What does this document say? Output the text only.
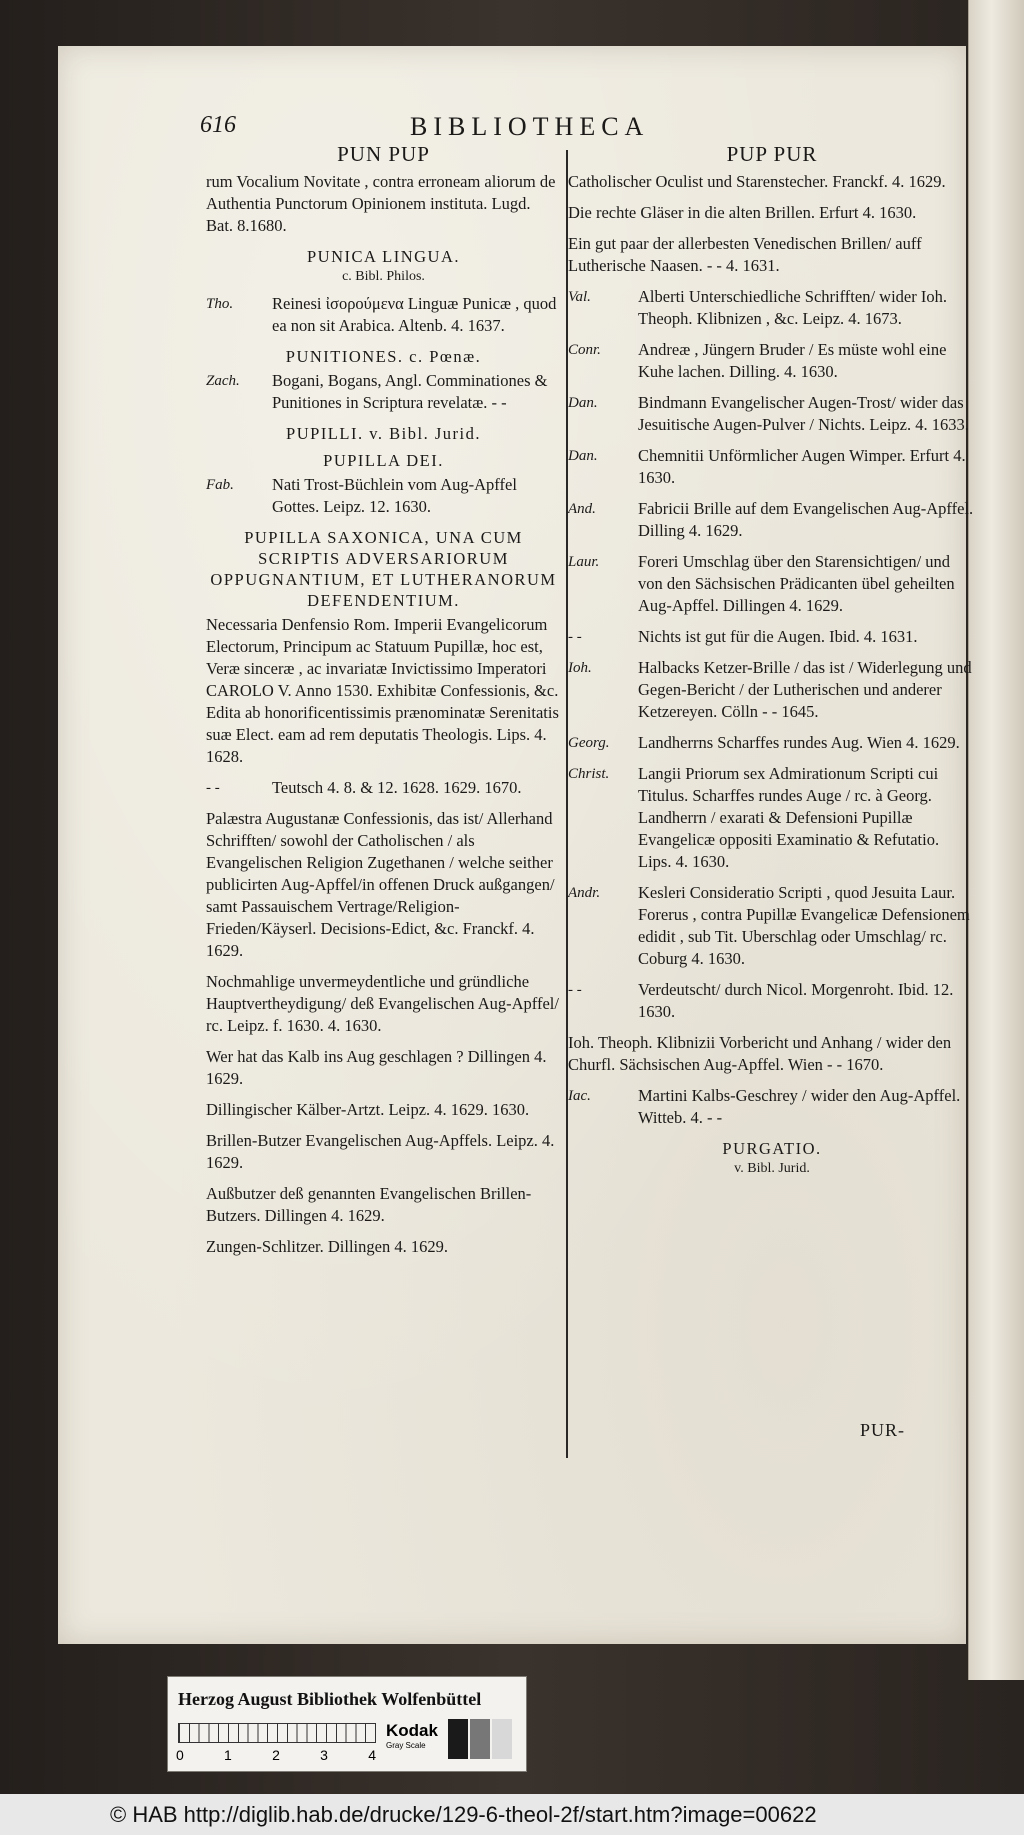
616	BIBLIOTHECA
PUN PUP
rum Vocalium Novitate , contra erroneam aliorum de Authentia Punctorum Opinionem instituta. Lugd. Bat. 8.1680.
PUNICA LINGUA.
c. Bibl. Philos.
Tho.	Reinesi ἰσορούμενα Linguæ Punicæ , quod ea non sit Arabica. Altenb. 4. 1637.
PUNITIONES. c. Pœnæ.
Zach.	Bogani, Bogans, Angl. Comminationes & Punitiones in Scriptura revelatæ. - -
PUPILLI. v. Bibl. Jurid.
PUPILLA DEI.
Fab.	Nati Trost-Büchlein vom Aug-Apffel Gottes. Leipz. 12. 1630.
PUPILLA SAXONICA, UNA CUM SCRIPTIS ADVERSARIORUM OPPUGNANTIUM, ET LUTHERANORUM DEFENDENTIUM.
Necessaria Denfensio Rom. Imperii Evangelicorum Electorum, Principum ac Statuum Pupillæ, hoc est, Veræ sinceræ , ac invariatæ Invictissimo Imperatori CAROLO V. Anno 1530. Exhibitæ Confessionis, &c. Edita ab honorificentissimis prænominatæ Serenitatis suæ Elect. eam ad rem deputatis Theologis. Lips. 4. 1628.
- -	Teutsch 4. 8. & 12. 1628. 1629. 1670.
Palæstra Augustanæ Confessionis, das ist/ Allerhand Schrifften/ sowohl der Catholischen / als Evangelischen Religion Zugethanen / welche seither publicirten Aug-Apffel/in offenen Druck außgangen/ samt Passauischem Vertrage/Religion-Frieden/Käyserl. Decisions-Edict, &c. Franckf. 4. 1629.
Nochmahlige unvermeydentliche und gründliche Hauptvertheydigung/ deß Evangelischen Aug-Apffel/ rc. Leipz. f. 1630. 4. 1630.
Wer hat das Kalb ins Aug geschlagen ? Dillingen 4. 1629.
Dillingischer Kälber-Artzt. Leipz. 4. 1629. 1630.
Brillen-Butzer Evangelischen Aug-Apffels. Leipz. 4. 1629.
Außbutzer deß genannten Evangelischen Brillen-Butzers. Dillingen 4. 1629.
Zungen-Schlitzer. Dillingen 4. 1629.
PUP PUR
Catholischer Oculist und Starenstecher. Franckf. 4. 1629.
Die rechte Gläser in die alten Brillen. Erfurt 4. 1630.
Ein gut paar der allerbesten Venedischen Brillen/ auff Lutherische Naasen. - - 4. 1631.
Val.	Alberti Unterschiedliche Schrifften/ wider Ioh. Theoph. Klibnizen , &c. Leipz. 4. 1673.
Conr.	Andreæ , Jüngern Bruder / Es müste wohl eine Kuhe lachen. Dilling. 4. 1630.
Dan.	Bindmann Evangelischer Augen-Trost/ wider das Jesuitische Augen-Pulver / Nichts. Leipz. 4. 1633.
Dan.	Chemnitii Unförmlicher Augen Wimper. Erfurt 4. 1630.
And.	Fabricii Brille auf dem Evangelischen Aug-Apffel. Dilling 4. 1629.
Laur.	Foreri Umschlag über den Starensichtigen/ und von den Sächsischen Prädicanten übel geheilten Aug-Apffel. Dillingen 4. 1629.
- -	Nichts ist gut für die Augen. Ibid. 4. 1631.
Ioh.	Halbacks Ketzer-Brille / das ist / Widerlegung und Gegen-Bericht / der Lutherischen und anderer Ketzereyen. Cölln - - 1645.
Georg.	Landherrns Scharffes rundes Aug. Wien 4. 1629.
Christ.	Langii Priorum sex Admirationum Scripti cui Titulus. Scharffes rundes Auge / rc. à Georg. Landherrn / exarati & Defensioni Pupillæ Evangelicæ oppositi Examinatio & Refutatio. Lips. 4. 1630.
Andr.	Kesleri Consideratio Scripti , quod Jesuita Laur. Forerus , contra Pupillæ Evangelicæ Defensionem edidit , sub Tit. Uberschlag oder Umschlag/ rc. Coburg 4. 1630.
- -	Verdeutscht/ durch Nicol. Morgenroht. Ibid. 12. 1630.
Ioh. Theoph. Klibnizii Vorbericht und Anhang / wider den Churfl. Sächsischen Aug-Apffel. Wien - - 1670.
Iac.	Martini Kalbs-Geschrey / wider den Aug-Apffel. Witteb. 4. - -
PURGATIO.
v. Bibl. Jurid.
PUR-
Herzog August Bibliothek Wolfenbüttel
0	1	2	3	4
Kodak
Gray Scale
© HAB http://diglib.hab.de/drucke/129-6-theol-2f/start.htm?image=00622
